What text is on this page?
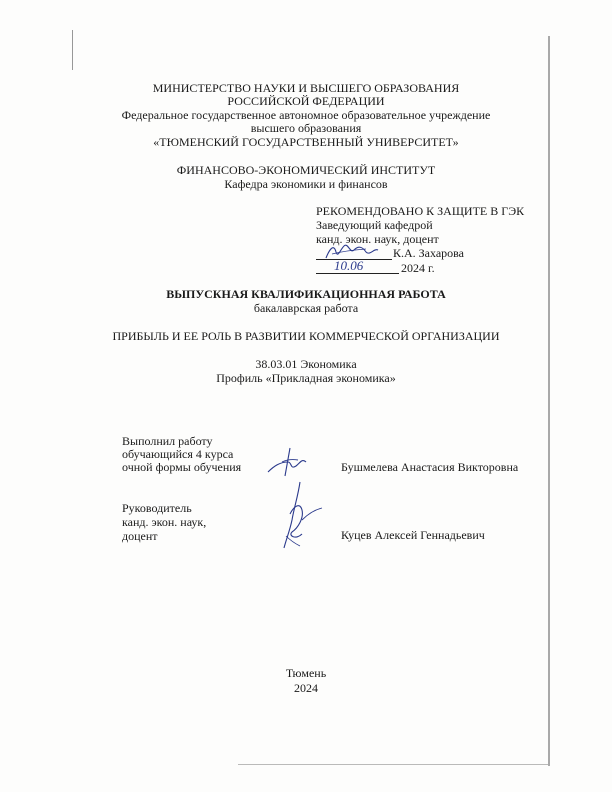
МИНИСТЕРСТВО НАУКИ И ВЫСШЕГО ОБРАЗОВАНИЯ
РОССИЙСКОЙ ФЕДЕРАЦИИ
Федеральное государственное автономное образовательное учреждение
высшего образования
«ТЮМЕНСКИЙ ГОСУДАРСТВЕННЫЙ УНИВЕРСИТЕТ»
ФИНАНСОВО-ЭКОНОМИЧЕСКИЙ ИНСТИТУТ
Кафедра экономики и финансов
РЕКОМЕНДОВАНО К ЗАЩИТЕ В ГЭК
Заведующий кафедрой
канд. экон. наук, доцент
К.А. Захарова
2024 г.
10.06
ВЫПУСКНАЯ КВАЛИФИКАЦИОННАЯ РАБОТА
бакалаврская работа
ПРИБЫЛЬ И ЕЕ РОЛЬ В РАЗВИТИИ КОММЕРЧЕСКОЙ ОРГАНИЗАЦИИ
38.03.01 Экономика
Профиль «Прикладная экономика»
Выполнил работу
обучающийся 4 курса
очной формы обучения	Бушмелева Анастасия Викторовна
Руководитель
канд. экон. наук,
доцент	Куцев Алексей Геннадьевич
Тюмень
2024
